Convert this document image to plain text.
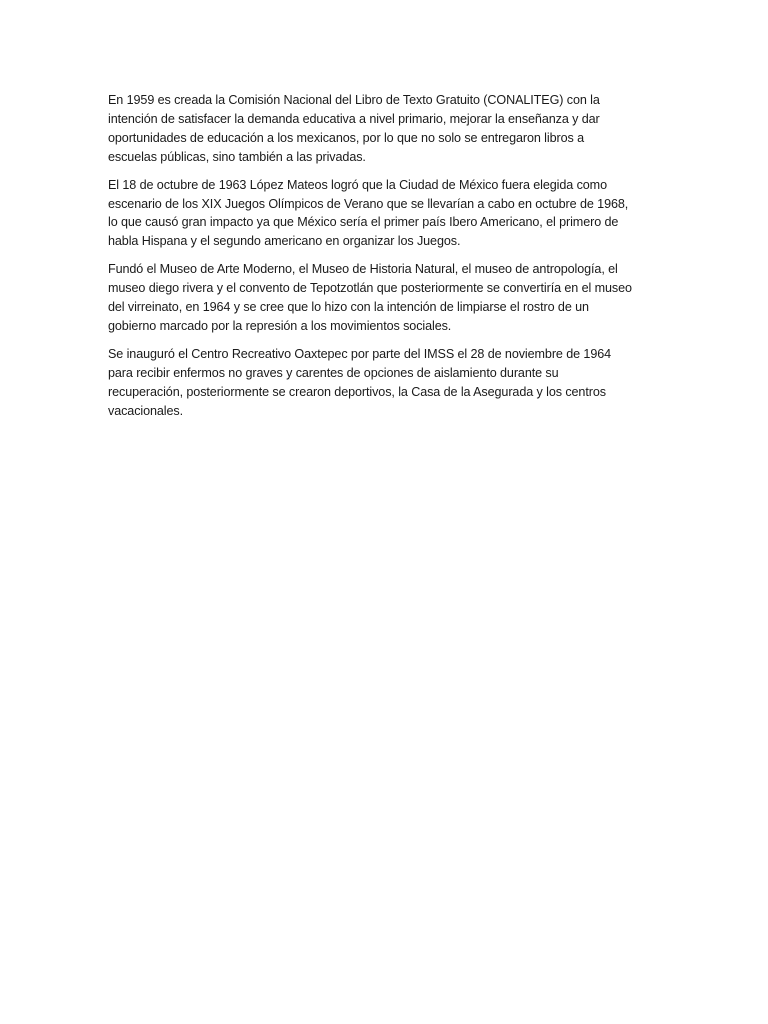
En 1959 es creada la Comisión Nacional del Libro de Texto Gratuito (CONALITEG) con la intención de satisfacer la demanda educativa a nivel primario, mejorar la enseñanza y dar oportunidades de educación a los mexicanos, por lo que no solo se entregaron libros a escuelas públicas, sino también a las privadas.

El 18 de octubre de 1963 López Mateos logró que la Ciudad de México fuera elegida como escenario de los XIX Juegos Olímpicos de Verano que se llevarían a cabo en octubre de 1968, lo que causó gran impacto ya que México sería el primer país Ibero Americano, el primero de habla Hispana y el segundo americano en organizar los Juegos.

Fundó el Museo de Arte Moderno, el Museo de Historia Natural, el museo de antropología, el museo diego rivera y el convento de Tepotzotlán que posteriormente se convertiría en el museo del virreinato, en 1964 y se cree que lo hizo con la intención de limpiarse el rostro de un gobierno marcado por la represión a los movimientos sociales.

Se inauguró el Centro Recreativo Oaxtepec por parte del IMSS el 28 de noviembre de 1964 para recibir enfermos no graves y carentes de opciones de aislamiento durante su recuperación, posteriormente se crearon deportivos, la Casa de la Asegurada y los centros vacacionales.
